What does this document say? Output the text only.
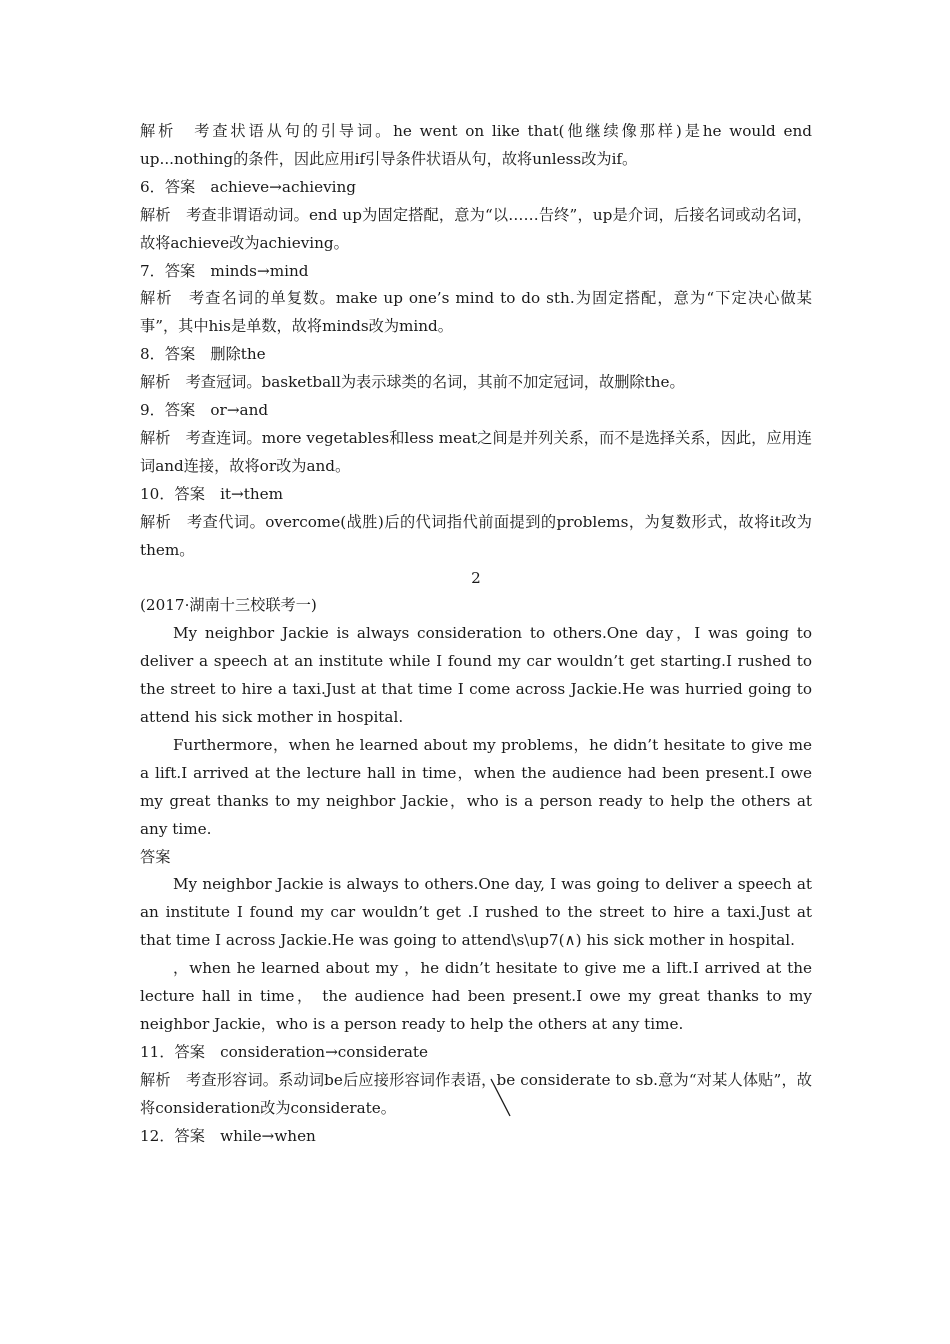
解析　考查状语从句的引导词。he went on like that(他继续像那样)是he would end up...nothing的条件，因此应用if引导条件状语从句，故将unless改为if。

6．答案　achieve→achieving

解析　考查非谓语动词。end up为固定搭配，意为“以……告终”，up是介词，后接名词或动名词，故将achieve改为achieving。

7．答案　minds→mind

解析　考查名词的单复数。make up one’s mind to do sth.为固定搭配，意为“下定决心做某事”，其中his是单数，故将minds改为mind。

8．答案　删除the

解析　考查冠词。basketball为表示球类的名词，其前不加定冠词，故删除the。

9．答案　or→and

解析　考查连词。more vegetables和less meat之间是并列关系，而不是选择关系，因此，应用连词and连接，故将or改为and。

10．答案　it→them

解析　考查代词。overcome(战胜)后的代词指代前面提到的problems，为复数形式，故将it改为them。

2

(2017·湖南十三校联考一)

My neighbor Jackie is always consideration to others.One day，I was going to deliver a speech at an institute while I found my car wouldn’t get starting.I rushed to the street to hire a taxi.Just at that time I come across Jackie.He was hurried going to attend his sick mother in hospital.

Furthermore，when he learned about my problems，he didn’t hesitate to give me a lift.I arrived at the lecture hall in time，when the audience had been present.I owe my great thanks to my neighbor Jackie，who is a person ready to help the others at any time.

答案

My neighbor Jackie is always to others.One day, I was going to deliver a speech at an institute I found my car wouldn’t get .I rushed to the street to hire a taxi.Just at that time I across Jackie.He was going to attend\s\up7(∧) his sick mother in hospital.

，when he learned about my ，he didn’t hesitate to give me a lift.I arrived at the lecture hall in time， the audience had been present.I owe my great thanks to my neighbor Jackie，who is a person ready to help the others at any time.

11．答案　consideration→considerate

解析　考查形容词。系动词be后应接形容词作表语，be considerate to sb.意为“对某人体贴”，故将consideration改为considerate。

12．答案　while→when
